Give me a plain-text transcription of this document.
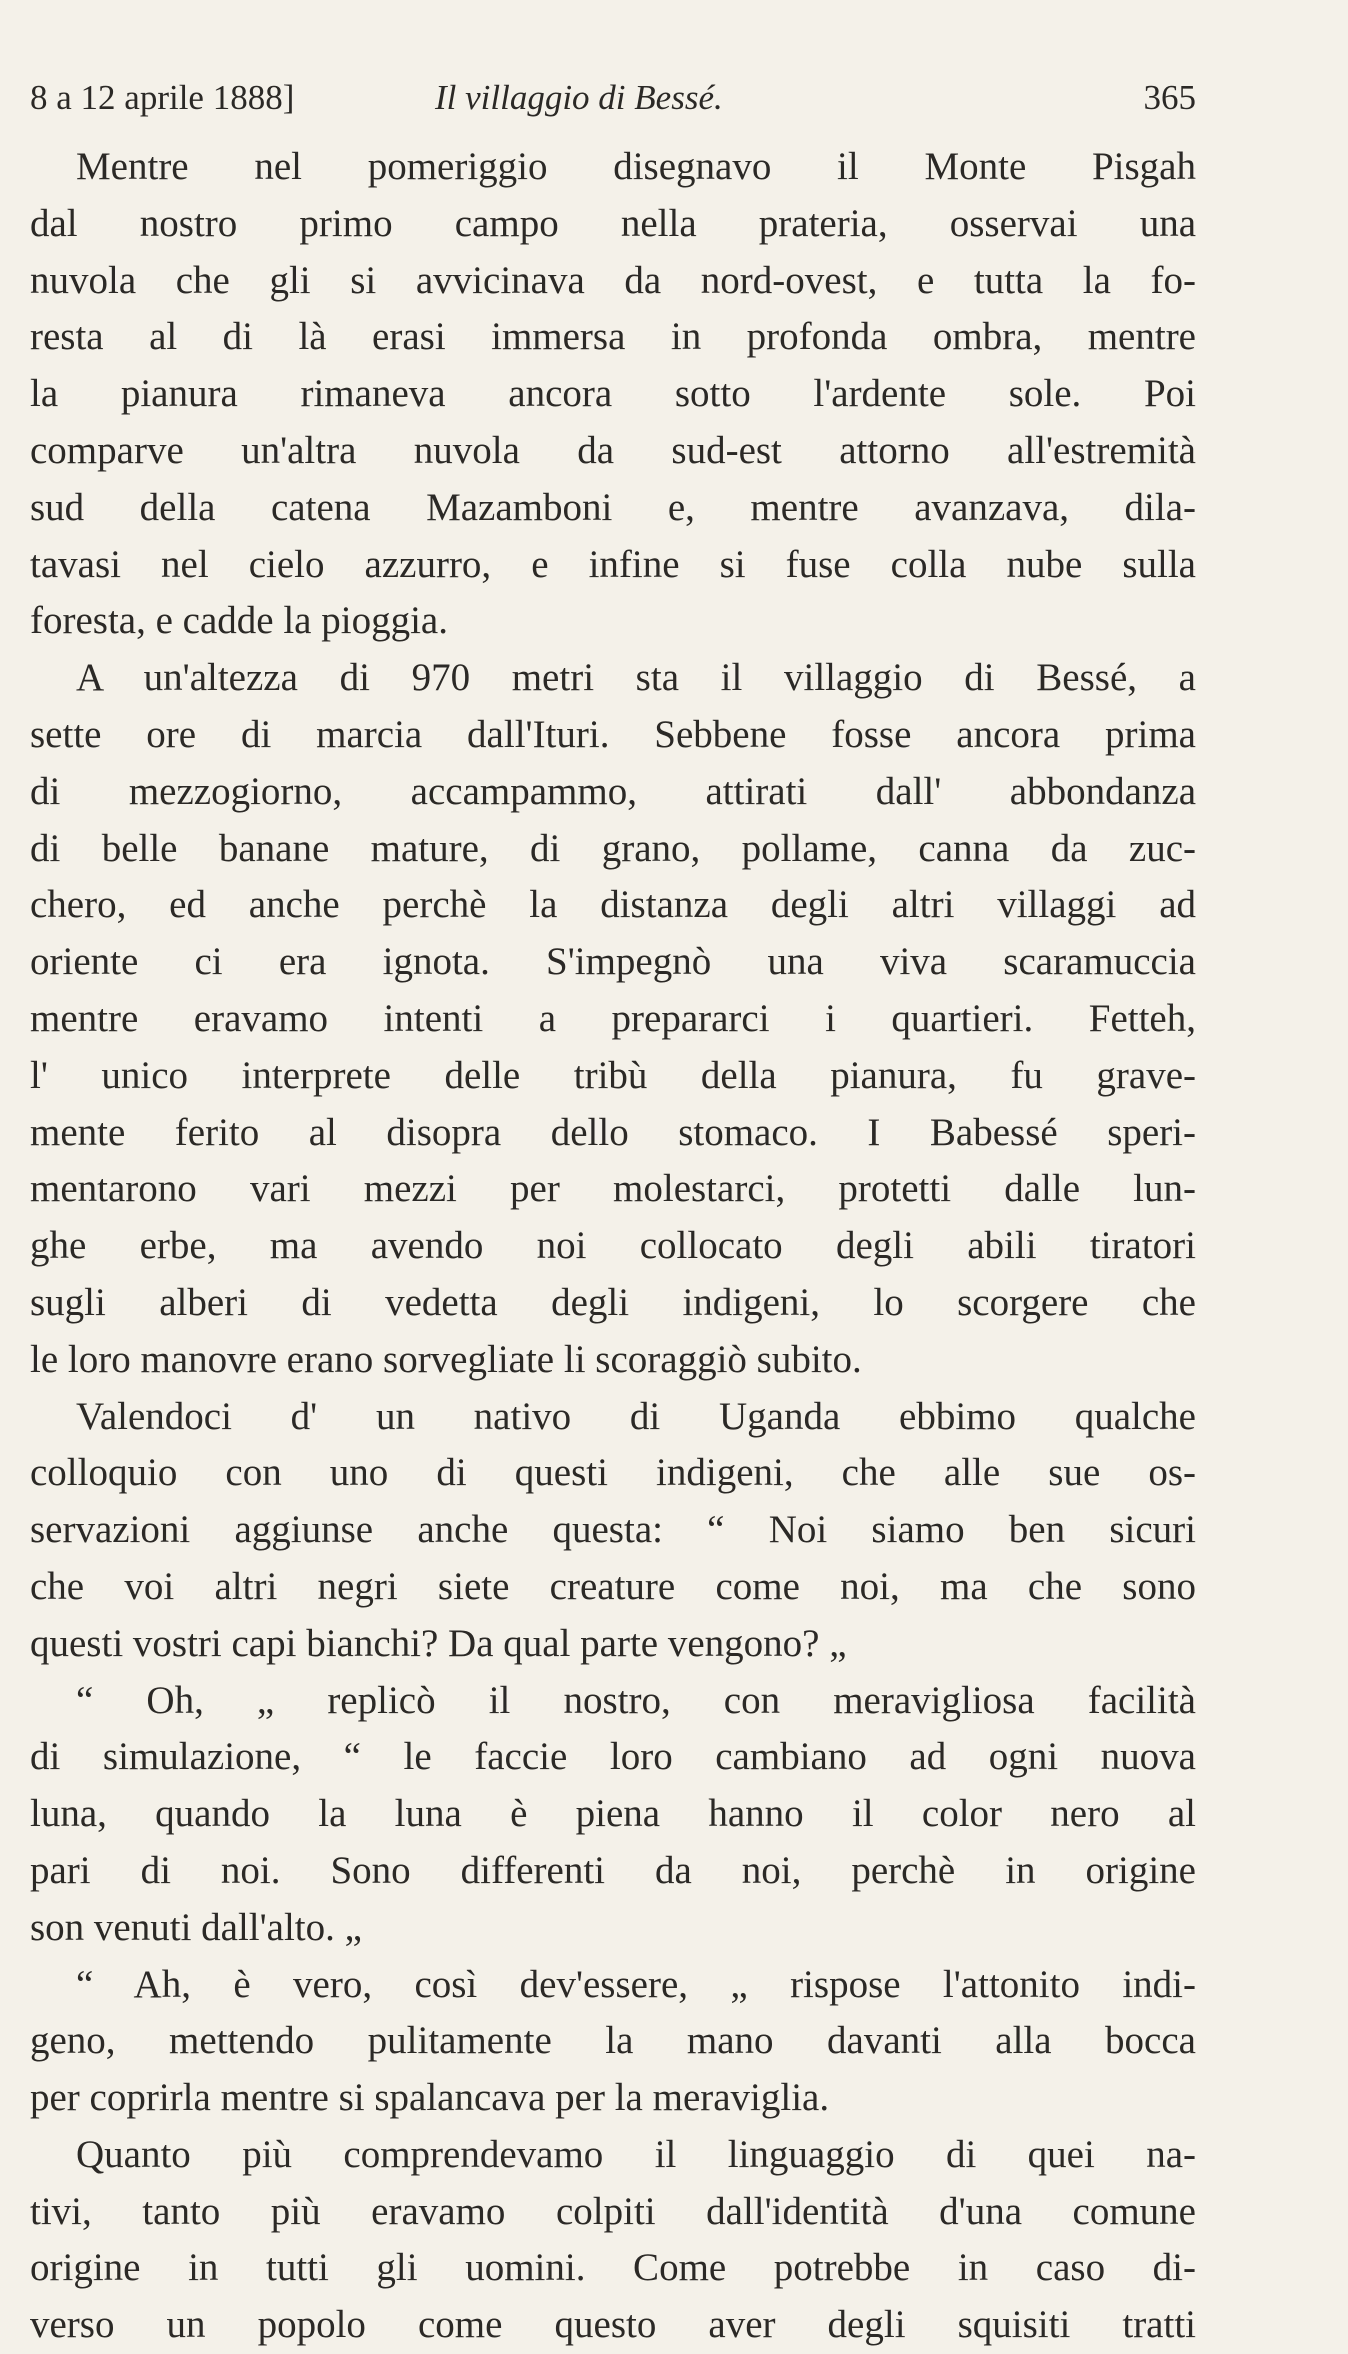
8 a 12 aprile 1888]	Il villaggio di Bessé.	365
Mentre nel pomeriggio disegnavo il Monte Pisgah
dal nostro primo campo nella prateria, osservai una
nuvola che gli si avvicinava da nord-ovest, e tutta la fo-
resta al di là erasi immersa in profonda ombra, mentre
la pianura rimaneva ancora sotto l'ardente sole. Poi
comparve un'altra nuvola da sud-est attorno all'estremità
sud della catena Mazamboni e, mentre avanzava, dila-
tavasi nel cielo azzurro, e infine si fuse colla nube sulla
foresta, e cadde la pioggia.
A un'altezza di 970 metri sta il villaggio di Bessé, a
sette ore di marcia dall'Ituri. Sebbene fosse ancora prima
di mezzogiorno, accampammo, attirati dall' abbondanza
di belle banane mature, di grano, pollame, canna da zuc-
chero, ed anche perchè la distanza degli altri villaggi ad
oriente ci era ignota. S'impegnò una viva scaramuccia
mentre eravamo intenti a prepararci i quartieri. Fetteh,
l' unico interprete delle tribù della pianura, fu grave-
mente ferito al disopra dello stomaco. I Babessé speri-
mentarono vari mezzi per molestarci, protetti dalle lun-
ghe erbe, ma avendo noi collocato degli abili tiratori
sugli alberi di vedetta degli indigeni, lo scorgere che
le loro manovre erano sorvegliate li scoraggiò subito.
Valendoci d' un nativo di Uganda ebbimo qualche
colloquio con uno di questi indigeni, che alle sue os-
servazioni aggiunse anche questa: “ Noi siamo ben sicuri
che voi altri negri siete creature come noi, ma che sono
questi vostri capi bianchi? Da qual parte vengono? „
“ Oh, „ replicò il nostro, con meravigliosa facilità
di simulazione, “ le faccie loro cambiano ad ogni nuova
luna, quando la luna è piena hanno il color nero al
pari di noi. Sono differenti da noi, perchè in origine
son venuti dall'alto. „
“ Ah, è vero, così dev'essere, „ rispose l'attonito indi-
geno, mettendo pulitamente la mano davanti alla bocca
per coprirla mentre si spalancava per la meraviglia.
Quanto più comprendevamo il linguaggio di quei na-
tivi, tanto più eravamo colpiti dall'identità d'una comune
origine in tutti gli uomini. Come potrebbe in caso di-
verso un popolo come questo aver degli squisiti tratti
